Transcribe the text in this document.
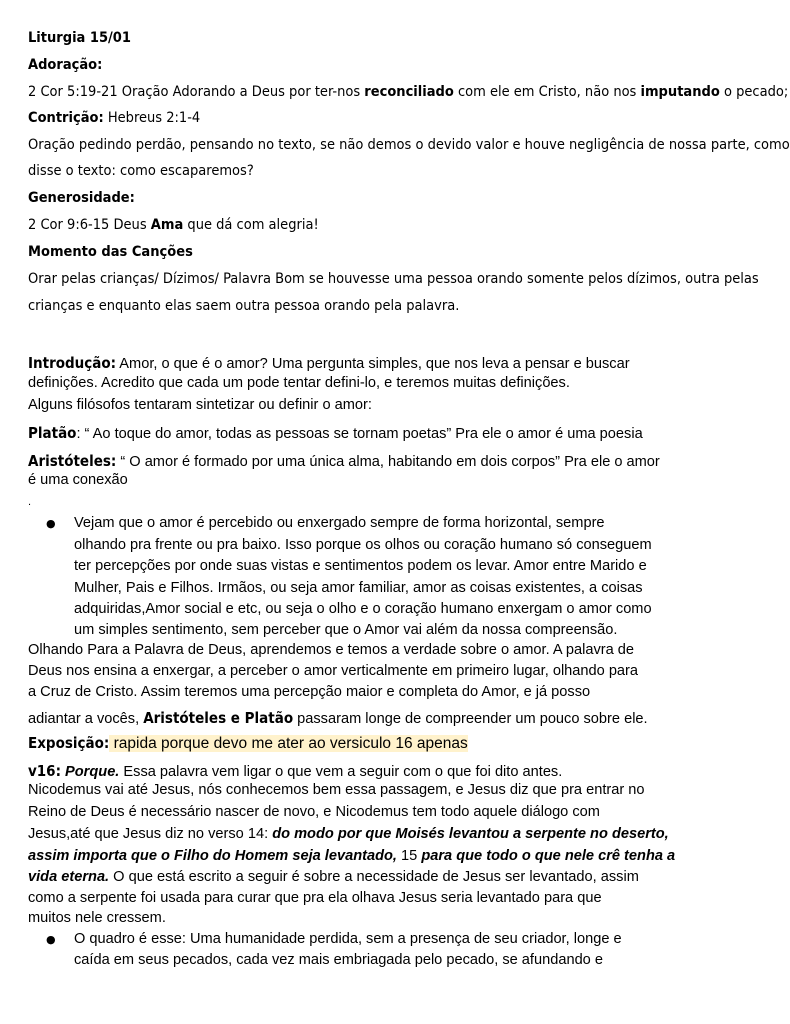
Liturgia 15/01
Adoração:
2 Cor 5:19-21 Oração Adorando a Deus por ter-nos reconciliado com ele em Cristo, não nos imputando o pecado;
Contrição: Hebreus 2:1-4
Oração pedindo perdão, pensando no texto, se não demos o devido valor e houve negligência de nossa parte, como
disse o texto: como escaparemos?
Generosidade:
2 Cor 9:6-15 Deus Ama que dá com alegria!
Momento das Canções
Orar pelas crianças/ Dízimos/ Palavra Bom se houvesse uma pessoa orando somente pelos dízimos, outra pelas
crianças e enquanto elas saem outra pessoa orando pela palavra.
Introdução: Amor, o que é o amor? Uma pergunta simples, que nos leva a pensar e buscar
definições. Acredito que cada um pode tentar defini-lo, e teremos muitas definições.
Alguns filósofos tentaram sintetizar ou definir o amor:
Platão: “ Ao toque do amor, todas as pessoas se tornam poetas” Pra ele o amor é uma poesia
Aristóteles: “ O amor é formado por uma única alma, habitando em dois corpos” Pra ele o amor
é uma conexão
.
● Vejam que o amor é percebido ou enxergado sempre de forma horizontal, sempre
olhando pra frente ou pra baixo. Isso porque os olhos ou coração humano só conseguem
ter percepções por onde suas vistas e sentimentos podem os levar. Amor entre Marido e
Mulher, Pais e Filhos. Irmãos, ou seja amor familiar, amor as coisas existentes, a coisas
adquiridas,Amor social e etc, ou seja o olho e o coração humano enxergam o amor como
um simples sentimento, sem perceber que o Amor vai além da nossa compreensão.
Olhando Para a Palavra de Deus, aprendemos e temos a verdade sobre o amor. A palavra de
Deus nos ensina a enxergar, a perceber o amor verticalmente em primeiro lugar, olhando para
a Cruz de Cristo. Assim teremos uma percepção maior e completa do Amor, e já posso
adiantar a vocês, Aristóteles e Platão passaram longe de compreender um pouco sobre ele.
Exposição: rapida porque devo me ater ao versiculo 16 apenas
v16: Porque. Essa palavra vem ligar o que vem a seguir com o que foi dito antes.
Nicodemus vai até Jesus, nós conhecemos bem essa passagem, e Jesus diz que pra entrar no
Reino de Deus é necessário nascer de novo, e Nicodemus tem todo aquele diálogo com
Jesus,até que Jesus diz no verso 14: do modo por que Moisés levantou a serpente no deserto,
assim importa que o Filho do Homem seja levantado, 15 para que todo o que nele crê tenha a
vida eterna. O que está escrito a seguir é sobre a necessidade de Jesus ser levantado, assim
como a serpente foi usada para curar que pra ela olhava Jesus seria levantado para que
muitos nele cressem.
● O quadro é esse: Uma humanidade perdida, sem a presença de seu criador, longe e
caída em seus pecados, cada vez mais embriagada pelo pecado, se afundando e
